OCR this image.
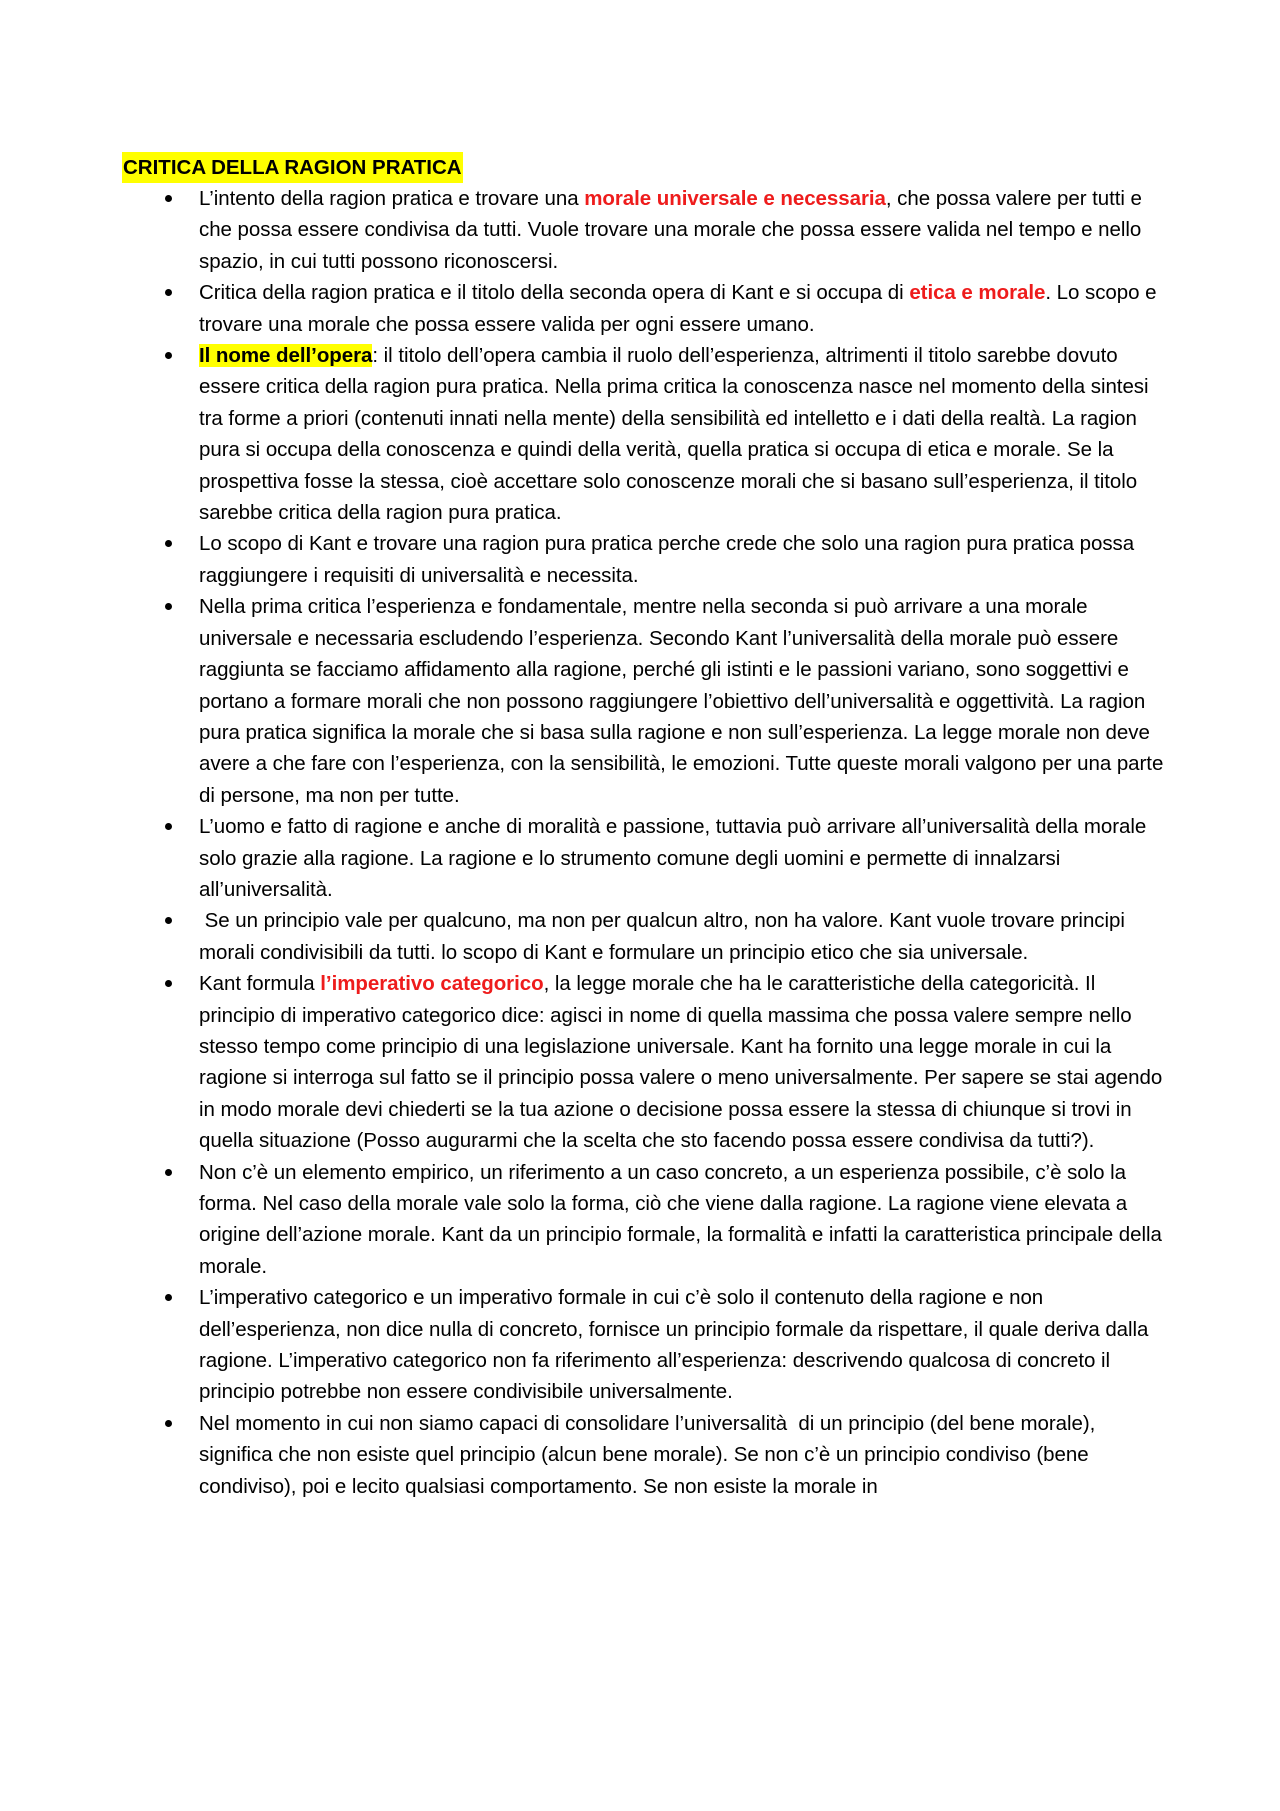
CRITICA DELLA RAGION PRATICA
L’intento della ragion pratica e trovare una morale universale e necessaria, che possa valere per tutti e che possa essere condivisa da tutti. Vuole trovare una morale che possa essere valida nel tempo e nello spazio, in cui tutti possono riconoscersi.
Critica della ragion pratica e il titolo della seconda opera di Kant e si occupa di etica e morale. Lo scopo e trovare una morale che possa essere valida per ogni essere umano.
Il nome dell’opera: il titolo dell’opera cambia il ruolo dell’esperienza, altrimenti il titolo sarebbe dovuto essere critica della ragion pura pratica. Nella prima critica la conoscenza nasce nel momento della sintesi tra forme a priori (contenuti innati nella mente) della sensibilità ed intelletto e i dati della realtà. La ragion pura si occupa della conoscenza e quindi della verità, quella pratica si occupa di etica e morale. Se la prospettiva fosse la stessa, cioè accettare solo conoscenze morali che si basano sull’esperienza, il titolo sarebbe critica della ragion pura pratica.
Lo scopo di Kant e trovare una ragion pura pratica perche crede che solo una ragion pura pratica possa raggiungere i requisiti di universalità e necessita.
Nella prima critica l’esperienza e fondamentale, mentre nella seconda si può arrivare a una morale universale e necessaria escludendo l’esperienza. Secondo Kant l’universalità della morale può essere raggiunta se facciamo affidamento alla ragione, perché gli istinti e le passioni variano, sono soggettivi e portano a formare morali che non possono raggiungere l’obiettivo dell’universalità e oggettività. La ragion pura pratica significa la morale che si basa sulla ragione e non sull’esperienza. La legge morale non deve avere a che fare con l’esperienza, con la sensibilità, le emozioni. Tutte queste morali valgono per una parte di persone, ma non per tutte.
L’uomo e fatto di ragione e anche di moralità e passione, tuttavia può arrivare all’universalità della morale solo grazie alla ragione. La ragione e lo strumento comune degli uomini e permette di innalzarsi all’universalità.
Se un principio vale per qualcuno, ma non per qualcun altro, non ha valore. Kant vuole trovare principi morali condivisibili da tutti. lo scopo di Kant e formulare un principio etico che sia universale.
Kant formula l’imperativo categorico, la legge morale che ha le caratteristiche della categoricità. Il principio di imperativo categorico dice: agisci in nome di quella massima che possa valere sempre nello stesso tempo come principio di una legislazione universale. Kant ha fornito una legge morale in cui la ragione si interroga sul fatto se il principio possa valere o meno universalmente. Per sapere se stai agendo in modo morale devi chiederti se la tua azione o decisione possa essere la stessa di chiunque si trovi in quella situazione (Posso augurarmi che la scelta che sto facendo possa essere condivisa da tutti?).
Non c’è un elemento empirico, un riferimento a un caso concreto, a un esperienza possibile, c’è solo la forma. Nel caso della morale vale solo la forma, ciò che viene dalla ragione. La ragione viene elevata a origine dell’azione morale. Kant da un principio formale, la formalità e infatti la caratteristica principale della morale.
L’imperativo categorico e un imperativo formale in cui c’è solo il contenuto della ragione e non dell’esperienza, non dice nulla di concreto, fornisce un principio formale da rispettare, il quale deriva dalla ragione. L’imperativo categorico non fa riferimento all’esperienza: descrivendo qualcosa di concreto il principio potrebbe non essere condivisibile universalmente.
Nel momento in cui non siamo capaci di consolidare l’universalità  di un principio (del bene morale), significa che non esiste quel principio (alcun bene morale). Se non c’è un principio condiviso (bene condiviso), poi e lecito qualsiasi comportamento. Se non esiste la morale in
